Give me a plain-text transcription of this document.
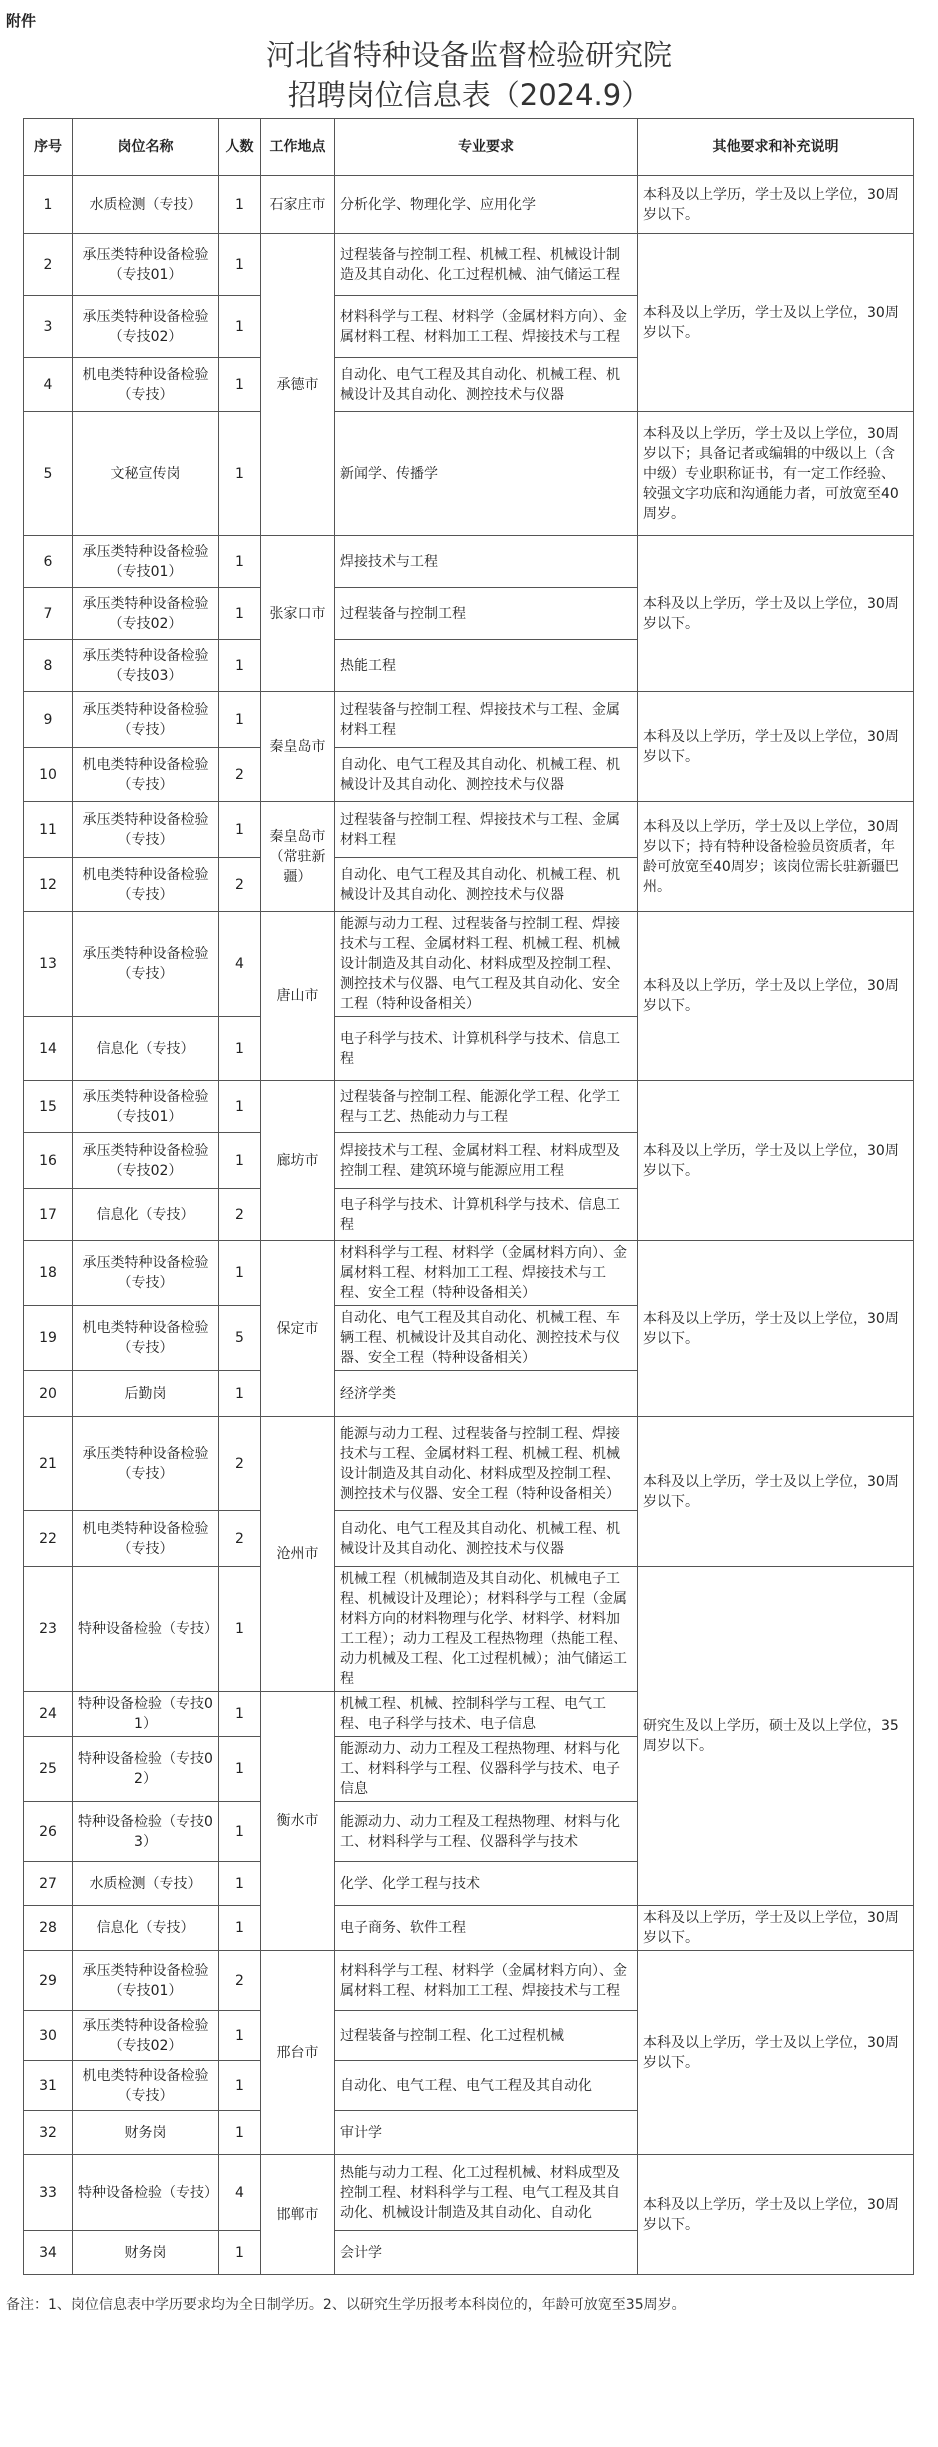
附件
河北省特种设备监督检验研究院
招聘岗位信息表（2024.9）
序号	岗位名称	人数	工作地点	专业要求	其他要求和补充说明
1	水质检测（专技）	1	石家庄市	分析化学、物理化学、应用化学	本科及以上学历，学士及以上学位，30周岁以下。
2	承压类特种设备检验（专技01）	1	承德市	过程装备与控制工程、机械工程、机械设计制造及其自动化、化工过程机械、油气储运工程	本科及以上学历，学士及以上学位，30周岁以下。
3	承压类特种设备检验（专技02）	1		材料科学与工程、材料学（金属材料方向）、金属材料工程、材料加工工程、焊接技术与工程	
4	机电类特种设备检验（专技）	1		自动化、电气工程及其自动化、机械工程、机械设计及其自动化、测控技术与仪器	
5	文秘宣传岗	1		新闻学、传播学	本科及以上学历，学士及以上学位，30周岁以下；具备记者或编辑的中级以上（含中级）专业职称证书，有一定工作经验、较强文字功底和沟通能力者，可放宽至40周岁。
6	承压类特种设备检验（专技01）	1	张家口市	焊接技术与工程	本科及以上学历，学士及以上学位，30周岁以下。
7	承压类特种设备检验（专技02）	1		过程装备与控制工程	
8	承压类特种设备检验（专技03）	1		热能工程	
9	承压类特种设备检验（专技）	1	秦皇岛市	过程装备与控制工程、焊接技术与工程、金属材料工程	本科及以上学历，学士及以上学位，30周岁以下。
10	机电类特种设备检验（专技）	2		自动化、电气工程及其自动化、机械工程、机械设计及其自动化、测控技术与仪器	
11	承压类特种设备检验（专技）	1	秦皇岛市（常驻新疆）	过程装备与控制工程、焊接技术与工程、金属材料工程	本科及以上学历，学士及以上学位，30周岁以下；持有特种设备检验员资质者，年龄可放宽至40周岁；该岗位需长驻新疆巴州。
12	机电类特种设备检验（专技）	2		自动化、电气工程及其自动化、机械工程、机械设计及其自动化、测控技术与仪器	
13	承压类特种设备检验（专技）	4	唐山市	能源与动力工程、过程装备与控制工程、焊接技术与工程、金属材料工程、机械工程、机械设计制造及其自动化、材料成型及控制工程、测控技术与仪器、电气工程及其自动化、安全工程（特种设备相关）	本科及以上学历，学士及以上学位，30周岁以下。
14	信息化（专技）	1		电子科学与技术、计算机科学与技术、信息工程	
15	承压类特种设备检验（专技01）	1	廊坊市	过程装备与控制工程、能源化学工程、化学工程与工艺、热能动力与工程	本科及以上学历，学士及以上学位，30周岁以下。
16	承压类特种设备检验（专技02）	1		焊接技术与工程、金属材料工程、材料成型及控制工程、建筑环境与能源应用工程	
17	信息化（专技）	2		电子科学与技术、计算机科学与技术、信息工程	
18	承压类特种设备检验（专技）	1	保定市	材料科学与工程、材料学（金属材料方向）、金属材料工程、材料加工工程、焊接技术与工程、安全工程（特种设备相关）	本科及以上学历，学士及以上学位，30周岁以下。
19	机电类特种设备检验（专技）	5		自动化、电气工程及其自动化、机械工程、车辆工程、机械设计及其自动化、测控技术与仪器、安全工程（特种设备相关）	
20	后勤岗	1		经济学类	
21	承压类特种设备检验（专技）	2	沧州市	能源与动力工程、过程装备与控制工程、焊接技术与工程、金属材料工程、机械工程、机械设计制造及其自动化、材料成型及控制工程、测控技术与仪器、安全工程（特种设备相关）	本科及以上学历，学士及以上学位，30周岁以下。
22	机电类特种设备检验（专技）	2		自动化、电气工程及其自动化、机械工程、机械设计及其自动化、测控技术与仪器	
23	特种设备检验（专技）	1		机械工程（机械制造及其自动化、机械电子工程、机械设计及理论）；材料科学与工程（金属材料方向的材料物理与化学、材料学、材料加工工程）；动力工程及工程热物理（热能工程、动力机械及工程、化工过程机械）；油气储运工程	研究生及以上学历，硕士及以上学位，35周岁以下。
24	特种设备检验（专技01）	1	衡水市	机械工程、机械、控制科学与工程、电气工程、电子科学与技术、电子信息	
25	特种设备检验（专技02）	1		能源动力、动力工程及工程热物理、材料与化工、材料科学与工程、仪器科学与技术、电子信息	
26	特种设备检验（专技03）	1		能源动力、动力工程及工程热物理、材料与化工、材料科学与工程、仪器科学与技术	
27	水质检测（专技）	1		化学、化学工程与技术	
28	信息化（专技）	1		电子商务、软件工程	本科及以上学历，学士及以上学位，30周岁以下。
29	承压类特种设备检验（专技01）	2	邢台市	材料科学与工程、材料学（金属材料方向）、金属材料工程、材料加工工程、焊接技术与工程	本科及以上学历，学士及以上学位，30周岁以下。
30	承压类特种设备检验（专技02）	1		过程装备与控制工程、化工过程机械	
31	机电类特种设备检验（专技）	1		自动化、电气工程、电气工程及其自动化	
32	财务岗	1		审计学	
33	特种设备检验（专技）	4	邯郸市	热能与动力工程、化工过程机械、材料成型及控制工程、材料科学与工程、电气工程及其自动化、机械设计制造及其自动化、自动化	本科及以上学历，学士及以上学位，30周岁以下。
34	财务岗	1		会计学	
备注：1、岗位信息表中学历要求均为全日制学历。2、以研究生学历报考本科岗位的，年龄可放宽至35周岁。
